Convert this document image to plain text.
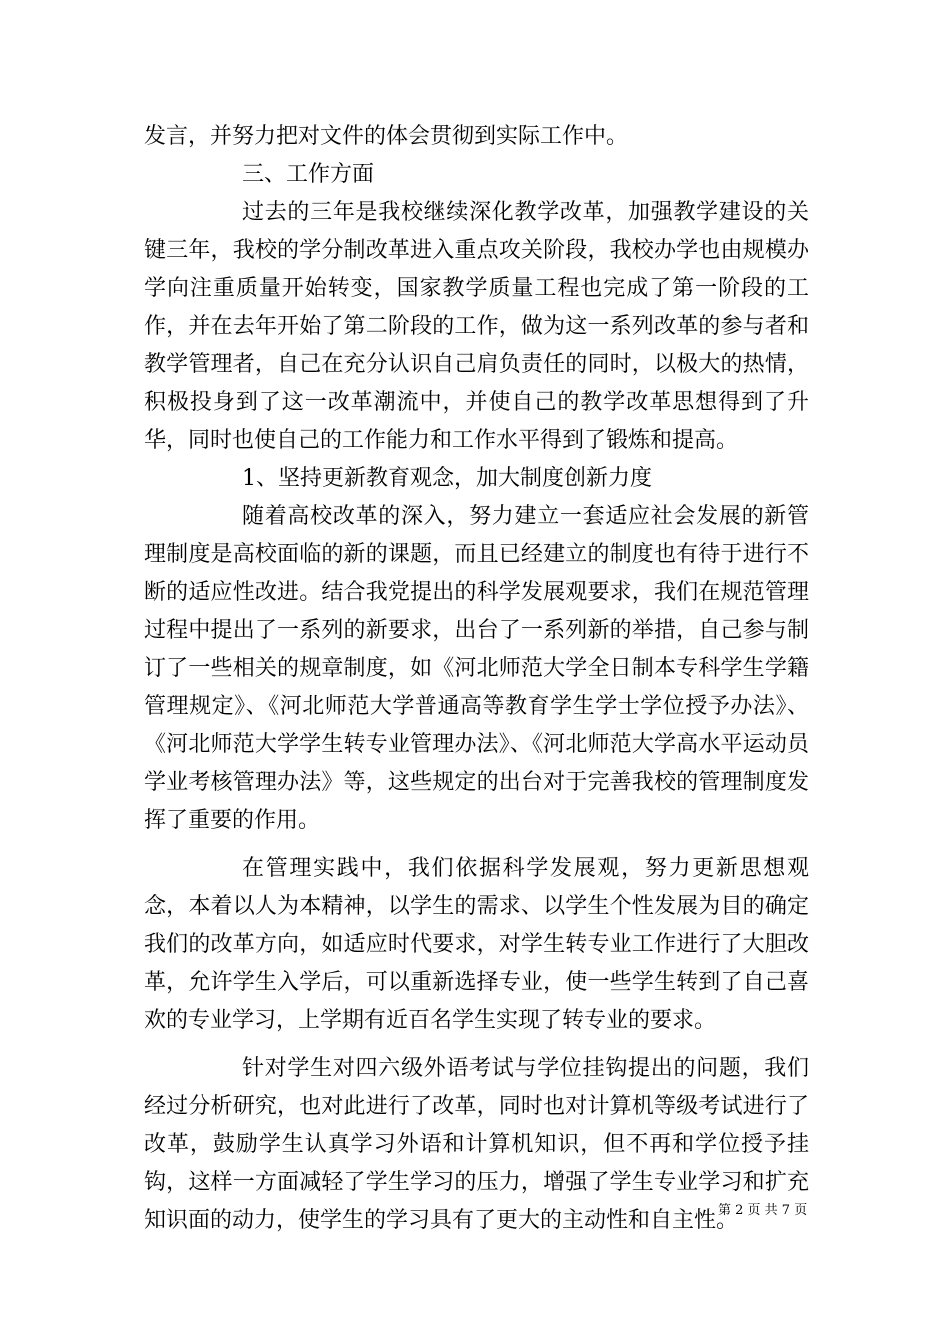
发言，并努力把对文件的体会贯彻到实际工作中。

三、工作方面

过去的三年是我校继续深化教学改革，加强教学建设的关键三年，我校的学分制改革进入重点攻关阶段，我校办学也由规模办学向注重质量开始转变，国家教学质量工程也完成了第一阶段的工作，并在去年开始了第二阶段的工作，做为这一系列改革的参与者和教学管理者，自己在充分认识自己肩负责任的同时，以极大的热情，积极投身到了这一改革潮流中，并使自己的教学改革思想得到了升华，同时也使自己的工作能力和工作水平得到了锻炼和提高。

1、坚持更新教育观念，加大制度创新力度

随着高校改革的深入，努力建立一套适应社会发展的新管理制度是高校面临的新的课题，而且已经建立的制度也有待于进行不断的适应性改进。结合我党提出的科学发展观要求，我们在规范管理过程中提出了一系列的新要求，出台了一系列新的举措，自己参与制订了一些相关的规章制度，如《河北师范大学全日制本专科学生学籍管理规定》、《河北师范大学普通高等教育学生学士学位授予办法》、《河北师范大学学生转专业管理办法》、《河北师范大学高水平运动员学业考核管理办法》等，这些规定的出台对于完善我校的管理制度发挥了重要的作用。

在管理实践中，我们依据科学发展观，努力更新思想观念，本着以人为本精神，以学生的需求、以学生个性发展为目的确定我们的改革方向，如适应时代要求，对学生转专业工作进行了大胆改革，允许学生入学后，可以重新选择专业，使一些学生转到了自己喜欢的专业学习，上学期有近百名学生实现了转专业的要求。

针对学生对四六级外语考试与学位挂钩提出的问题，我们经过分析研究，也对此进行了改革，同时也对计算机等级考试进行了改革，鼓励学生认真学习外语和计算机知识，但不再和学位授予挂钩，这样一方面减轻了学生学习的压力，增强了学生专业学习和扩充知识面的动力，使学生的学习具有了更大的主动性和自主性。

第 2 页 共 7 页
